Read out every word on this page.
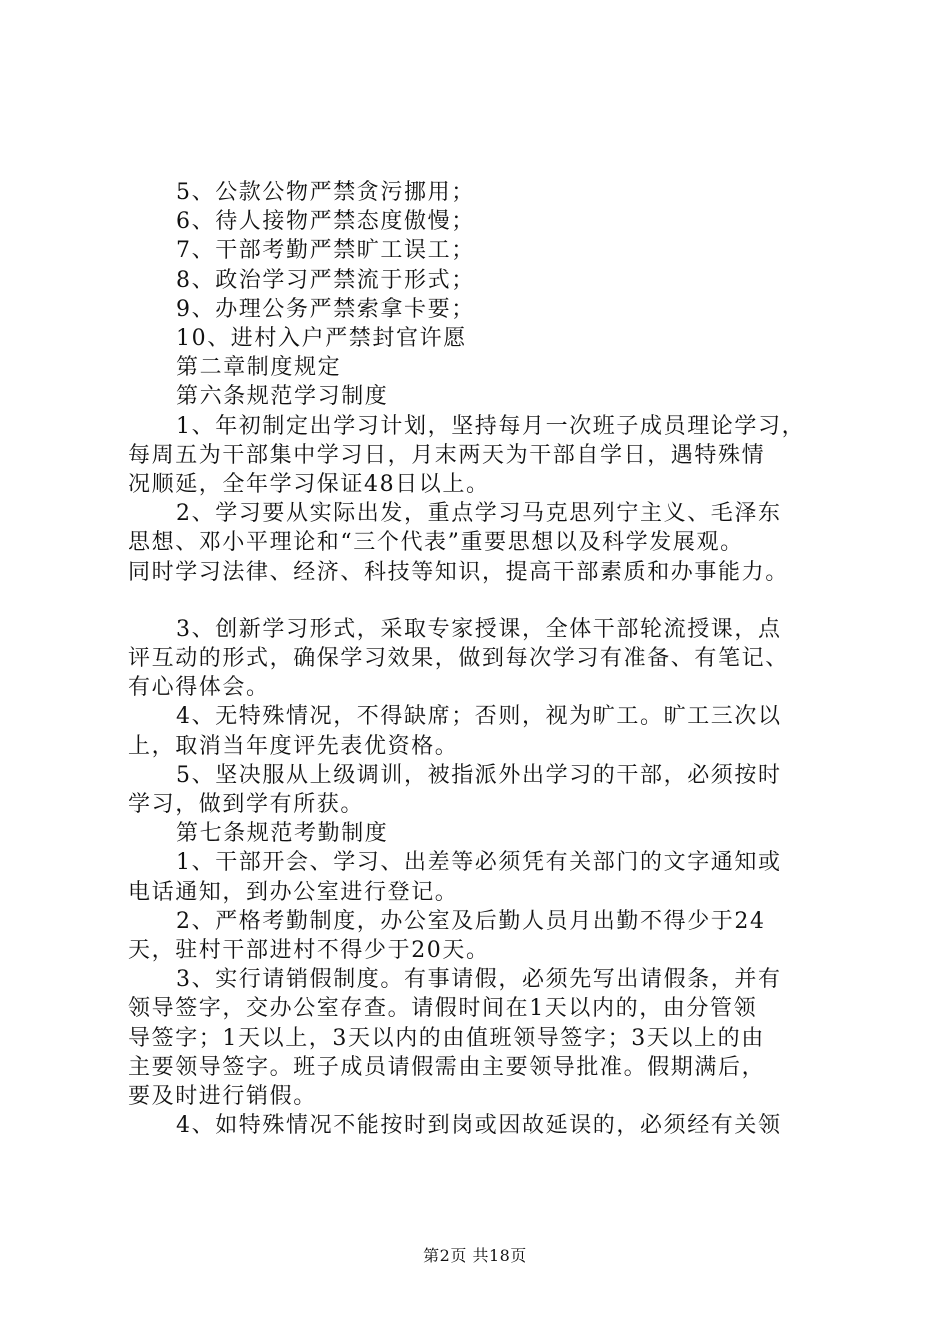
5、公款公物严禁贪污挪用；
6、待人接物严禁态度傲慢；
7、干部考勤严禁旷工误工；
8、政治学习严禁流于形式；
9、办理公务严禁索拿卡要；
10、进村入户严禁封官许愿
第二章制度规定
第六条规范学习制度
1、年初制定出学习计划，坚持每月一次班子成员理论学习，
每周五为干部集中学习日，月末两天为干部自学日，遇特殊情
况顺延，全年学习保证48日以上。
2、学习要从实际出发，重点学习马克思列宁主义、毛泽东
思想、邓小平理论和“三个代表”重要思想以及科学发展观。
同时学习法律、经济、科技等知识，提高干部素质和办事能力。
3、创新学习形式，采取专家授课，全体干部轮流授课，点
评互动的形式，确保学习效果，做到每次学习有准备、有笔记、
有心得体会。
4、无特殊情况，不得缺席；否则，视为旷工。旷工三次以
上，取消当年度评先表优资格。
5、坚决服从上级调训，被指派外出学习的干部，必须按时
学习，做到学有所获。
第七条规范考勤制度
1、干部开会、学习、出差等必须凭有关部门的文字通知或
电话通知，到办公室进行登记。
2、严格考勤制度，办公室及后勤人员月出勤不得少于24
天，驻村干部进村不得少于20天。
3、实行请销假制度。有事请假，必须先写出请假条，并有
领导签字，交办公室存查。请假时间在1天以内的，由分管领
导签字；1天以上，3天以内的由值班领导签字；3天以上的由
主要领导签字。班子成员请假需由主要领导批准。假期满后，
要及时进行销假。
4、如特殊情况不能按时到岗或因故延误的，必须经有关领
第2页 共18页
